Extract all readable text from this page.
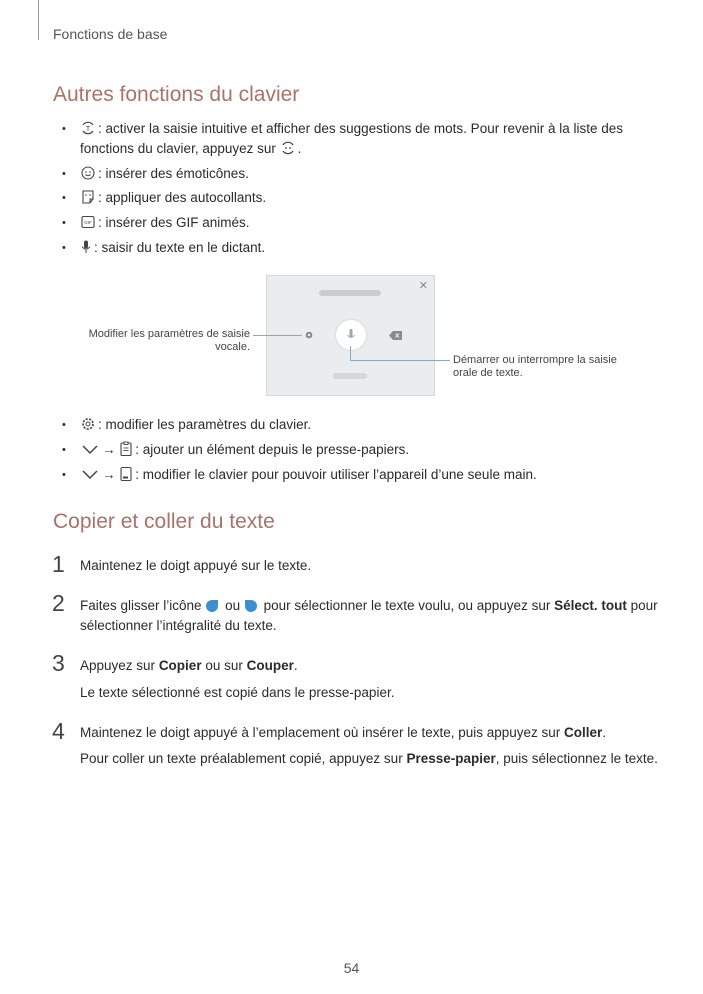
Fonctions de base
Autres fonctions du clavier
•	T : activer la saisie intuitive et afficher des suggestions de mots. Pour revenir à la liste des
fonctions du clavier, appuyez sur .
•	: insérer des émoticônes.
•	: appliquer des autocollants.
•	GIF : insérer des GIF animés.
•	: saisir du texte en le dictant.
✕
Modifier les paramètres de saisie
vocale.
Démarrer ou interrompre la saisie
orale de texte.
•	: modifier les paramètres du clavier.
•	→ : ajouter un élément depuis le presse-papiers.
•	→ : modifier le clavier pour pouvoir utiliser l’appareil d’une seule main.
Copier et coller du texte
1 Maintenez le doigt appuyé sur le texte.
2 Faites glisser l’icône ou pour sélectionner le texte voulu, ou appuyez sur Sélect. tout pour
sélectionner l’intégralité du texte.
3 Appuyez sur Copier ou sur Couper.
Le texte sélectionné est copié dans le presse-papier.
4 Maintenez le doigt appuyé à l’emplacement où insérer le texte, puis appuyez sur Coller.
Pour coller un texte préalablement copié, appuyez sur Presse-papier, puis sélectionnez le texte.
54
